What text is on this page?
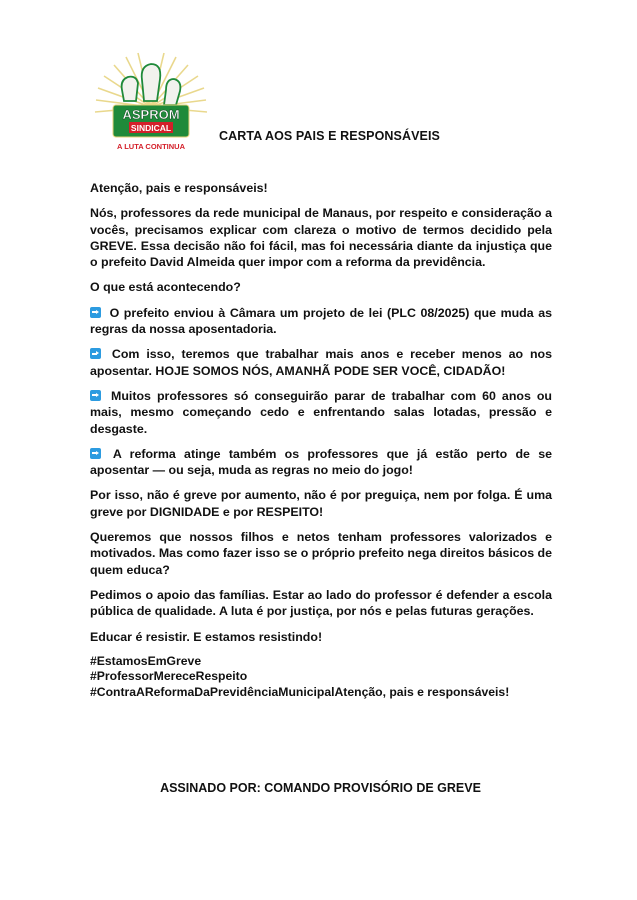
ASPROM
SINDICAL
A LUTA CONTINUA
CARTA AOS PAIS E RESPONSÁVEIS

Atenção, pais e responsáveis!

Nós, professores da rede municipal de Manaus, por respeito e consideração a vocês, precisamos explicar com clareza o motivo de termos decidido pela GREVE. Essa decisão não foi fácil, mas foi necessária diante da injustiça que o prefeito David Almeida quer impor com a reforma da previdência.

O que está acontecendo?

O prefeito enviou à Câmara um projeto de lei (PLC 08/2025) que muda as regras da nossa aposentadoria.

Com isso, teremos que trabalhar mais anos e receber menos ao nos aposentar. HOJE SOMOS NÓS, AMANHÃ PODE SER VOCÊ, CIDADÃO!

Muitos professores só conseguirão parar de trabalhar com 60 anos ou mais, mesmo começando cedo e enfrentando salas lotadas, pressão e desgaste.

A reforma atinge também os professores que já estão perto de se aposentar — ou seja, muda as regras no meio do jogo!

Por isso, não é greve por aumento, não é por preguiça, nem por folga. É uma greve por DIGNIDADE e por RESPEITO!

Queremos que nossos filhos e netos tenham professores valorizados e motivados. Mas como fazer isso se o próprio prefeito nega direitos básicos de quem educa?

Pedimos o apoio das famílias. Estar ao lado do professor é defender a escola pública de qualidade. A luta é por justiça, por nós e pelas futuras gerações.

Educar é resistir. E estamos resistindo!

#EstamosEmGreve
#ProfessorMereceRespeito
#ContraAReformaDaPrevidênciaMunicipalAtenção, pais e responsáveis!
ASSINADO POR: COMANDO PROVISÓRIO DE GREVE
